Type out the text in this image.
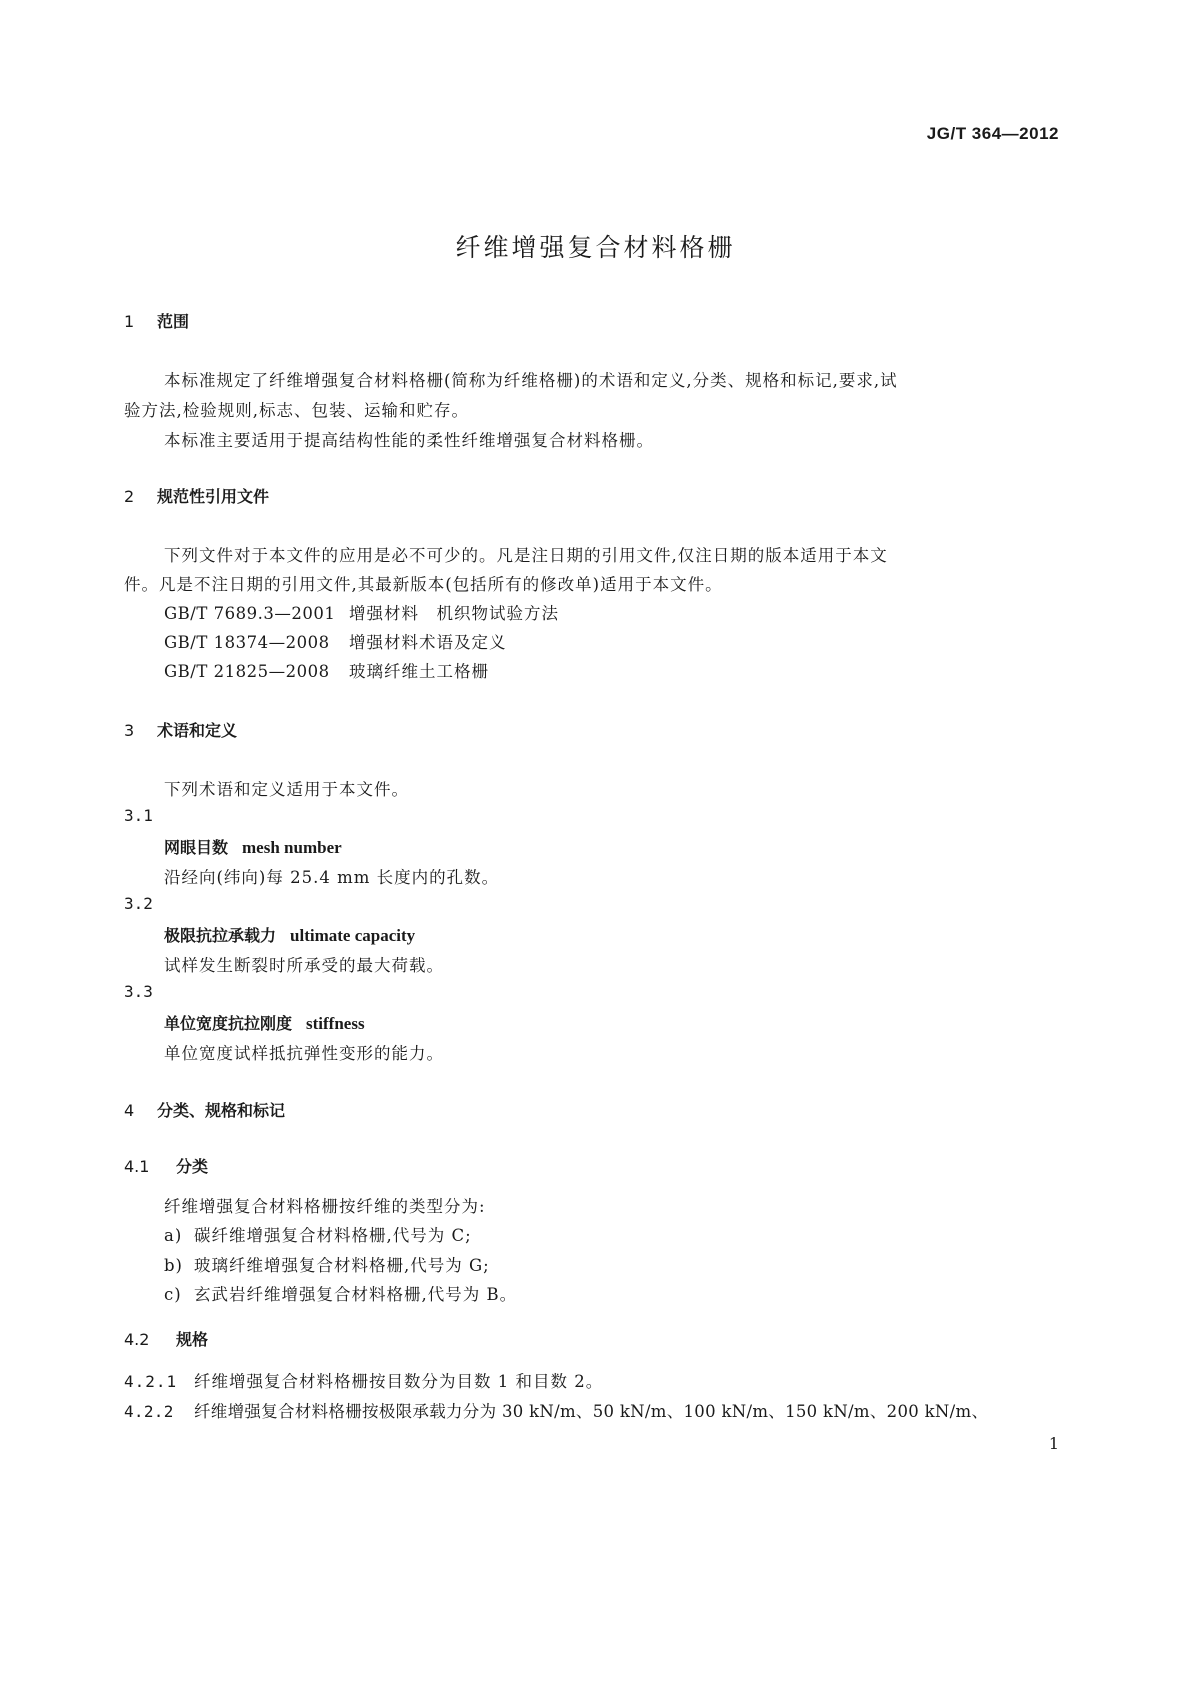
JG/T 364—2012
纤维增强复合材料格栅
1 范围
本标准规定了纤维增强复合材料格栅(简称为纤维格栅)的术语和定义,分类、规格和标记,要求,试
验方法,检验规则,标志、包装、运输和贮存。
本标准主要适用于提高结构性能的柔性纤维增强复合材料格栅。
2 规范性引用文件
下列文件对于本文件的应用是必不可少的。凡是注日期的引用文件,仅注日期的版本适用于本文
件。凡是不注日期的引用文件,其最新版本(包括所有的修改单)适用于本文件。
GB/T 7689.3—2001 增强材料　机织物试验方法
GB/T 18374—2008 增强材料术语及定义
GB/T 21825—2008 玻璃纤维土工格栅
3 术语和定义
下列术语和定义适用于本文件。
3.1
网眼目数 mesh number
沿经向(纬向)每 25.4 mm 长度内的孔数。
3.2
极限抗拉承载力 ultimate capacity
试样发生断裂时所承受的最大荷载。
3.3
单位宽度抗拉刚度 stiffness
单位宽度试样抵抗弹性变形的能力。
4 分类、规格和标记
4.1 分类
纤维增强复合材料格栅按纤维的类型分为:
a) 碳纤维增强复合材料格栅,代号为 C;
b) 玻璃纤维增强复合材料格栅,代号为 G;
c) 玄武岩纤维增强复合材料格栅,代号为 B。
4.2 规格
4.2.1 纤维增强复合材料格栅按目数分为目数 1 和目数 2。
4.2.2 纤维增强复合材料格栅按极限承载力分为 30 kN/m、50 kN/m、100 kN/m、150 kN/m、200 kN/m、
1
